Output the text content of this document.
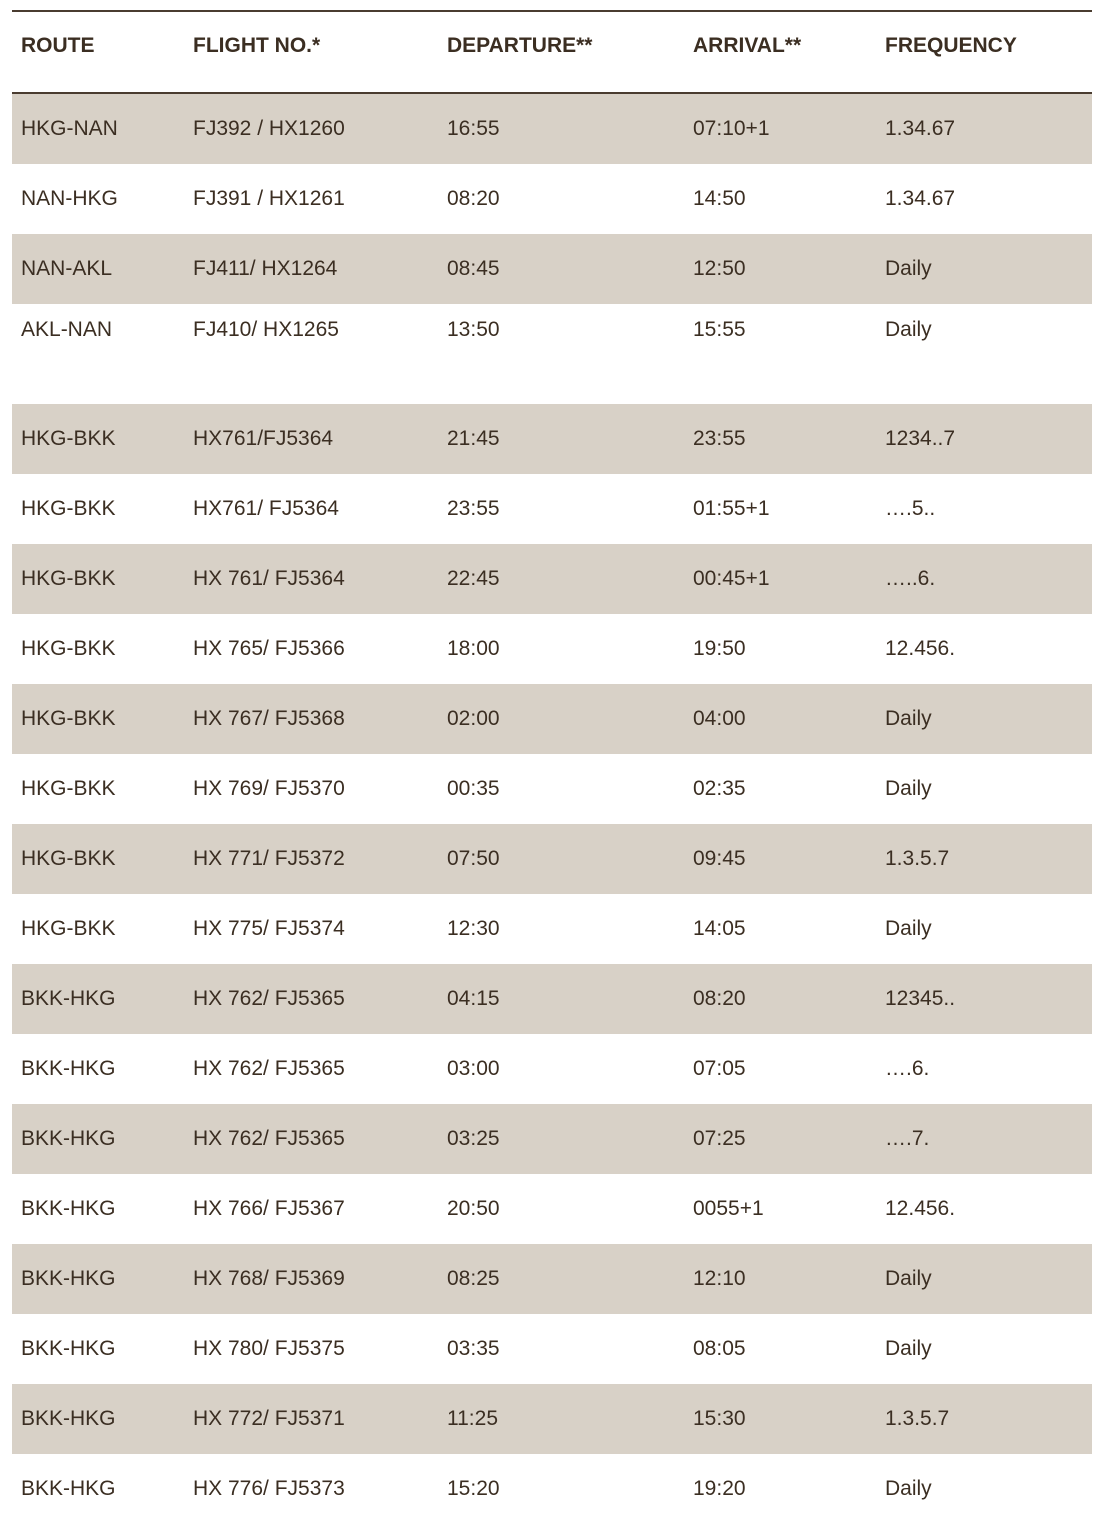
ROUTE	FLIGHT NO.*	DEPARTURE**	ARRIVAL**	FREQUENCY
HKG-NAN	FJ392 / HX1260	16:55	07:10+1	1.34.67
NAN-HKG	FJ391 / HX1261	08:20	14:50	1.34.67
NAN-AKL	FJ411/ HX1264	08:45	12:50	Daily
AKL-NAN	FJ410/ HX1265	13:50	15:55	Daily
HKG-BKK	HX761/FJ5364	21:45	23:55	1234..7
HKG-BKK	HX761/ FJ5364	23:55	01:55+1	….5..
HKG-BKK	HX 761/ FJ5364	22:45	00:45+1	…..6.
HKG-BKK	HX 765/ FJ5366	18:00	19:50	12.456.
HKG-BKK	HX 767/ FJ5368	02:00	04:00	Daily
HKG-BKK	HX 769/ FJ5370	00:35	02:35	Daily
HKG-BKK	HX 771/ FJ5372	07:50	09:45	1.3.5.7
HKG-BKK	HX 775/ FJ5374	12:30	14:05	Daily
BKK-HKG	HX 762/ FJ5365	04:15	08:20	12345..
BKK-HKG	HX 762/ FJ5365	03:00	07:05	….6.
BKK-HKG	HX 762/ FJ5365	03:25	07:25	….7.
BKK-HKG	HX 766/ FJ5367	20:50	0055+1	12.456.
BKK-HKG	HX 768/ FJ5369	08:25	12:10	Daily
BKK-HKG	HX 780/ FJ5375	03:35	08:05	Daily
BKK-HKG	HX 772/ FJ5371	11:25	15:30	1.3.5.7
BKK-HKG	HX 776/ FJ5373	15:20	19:20	Daily
